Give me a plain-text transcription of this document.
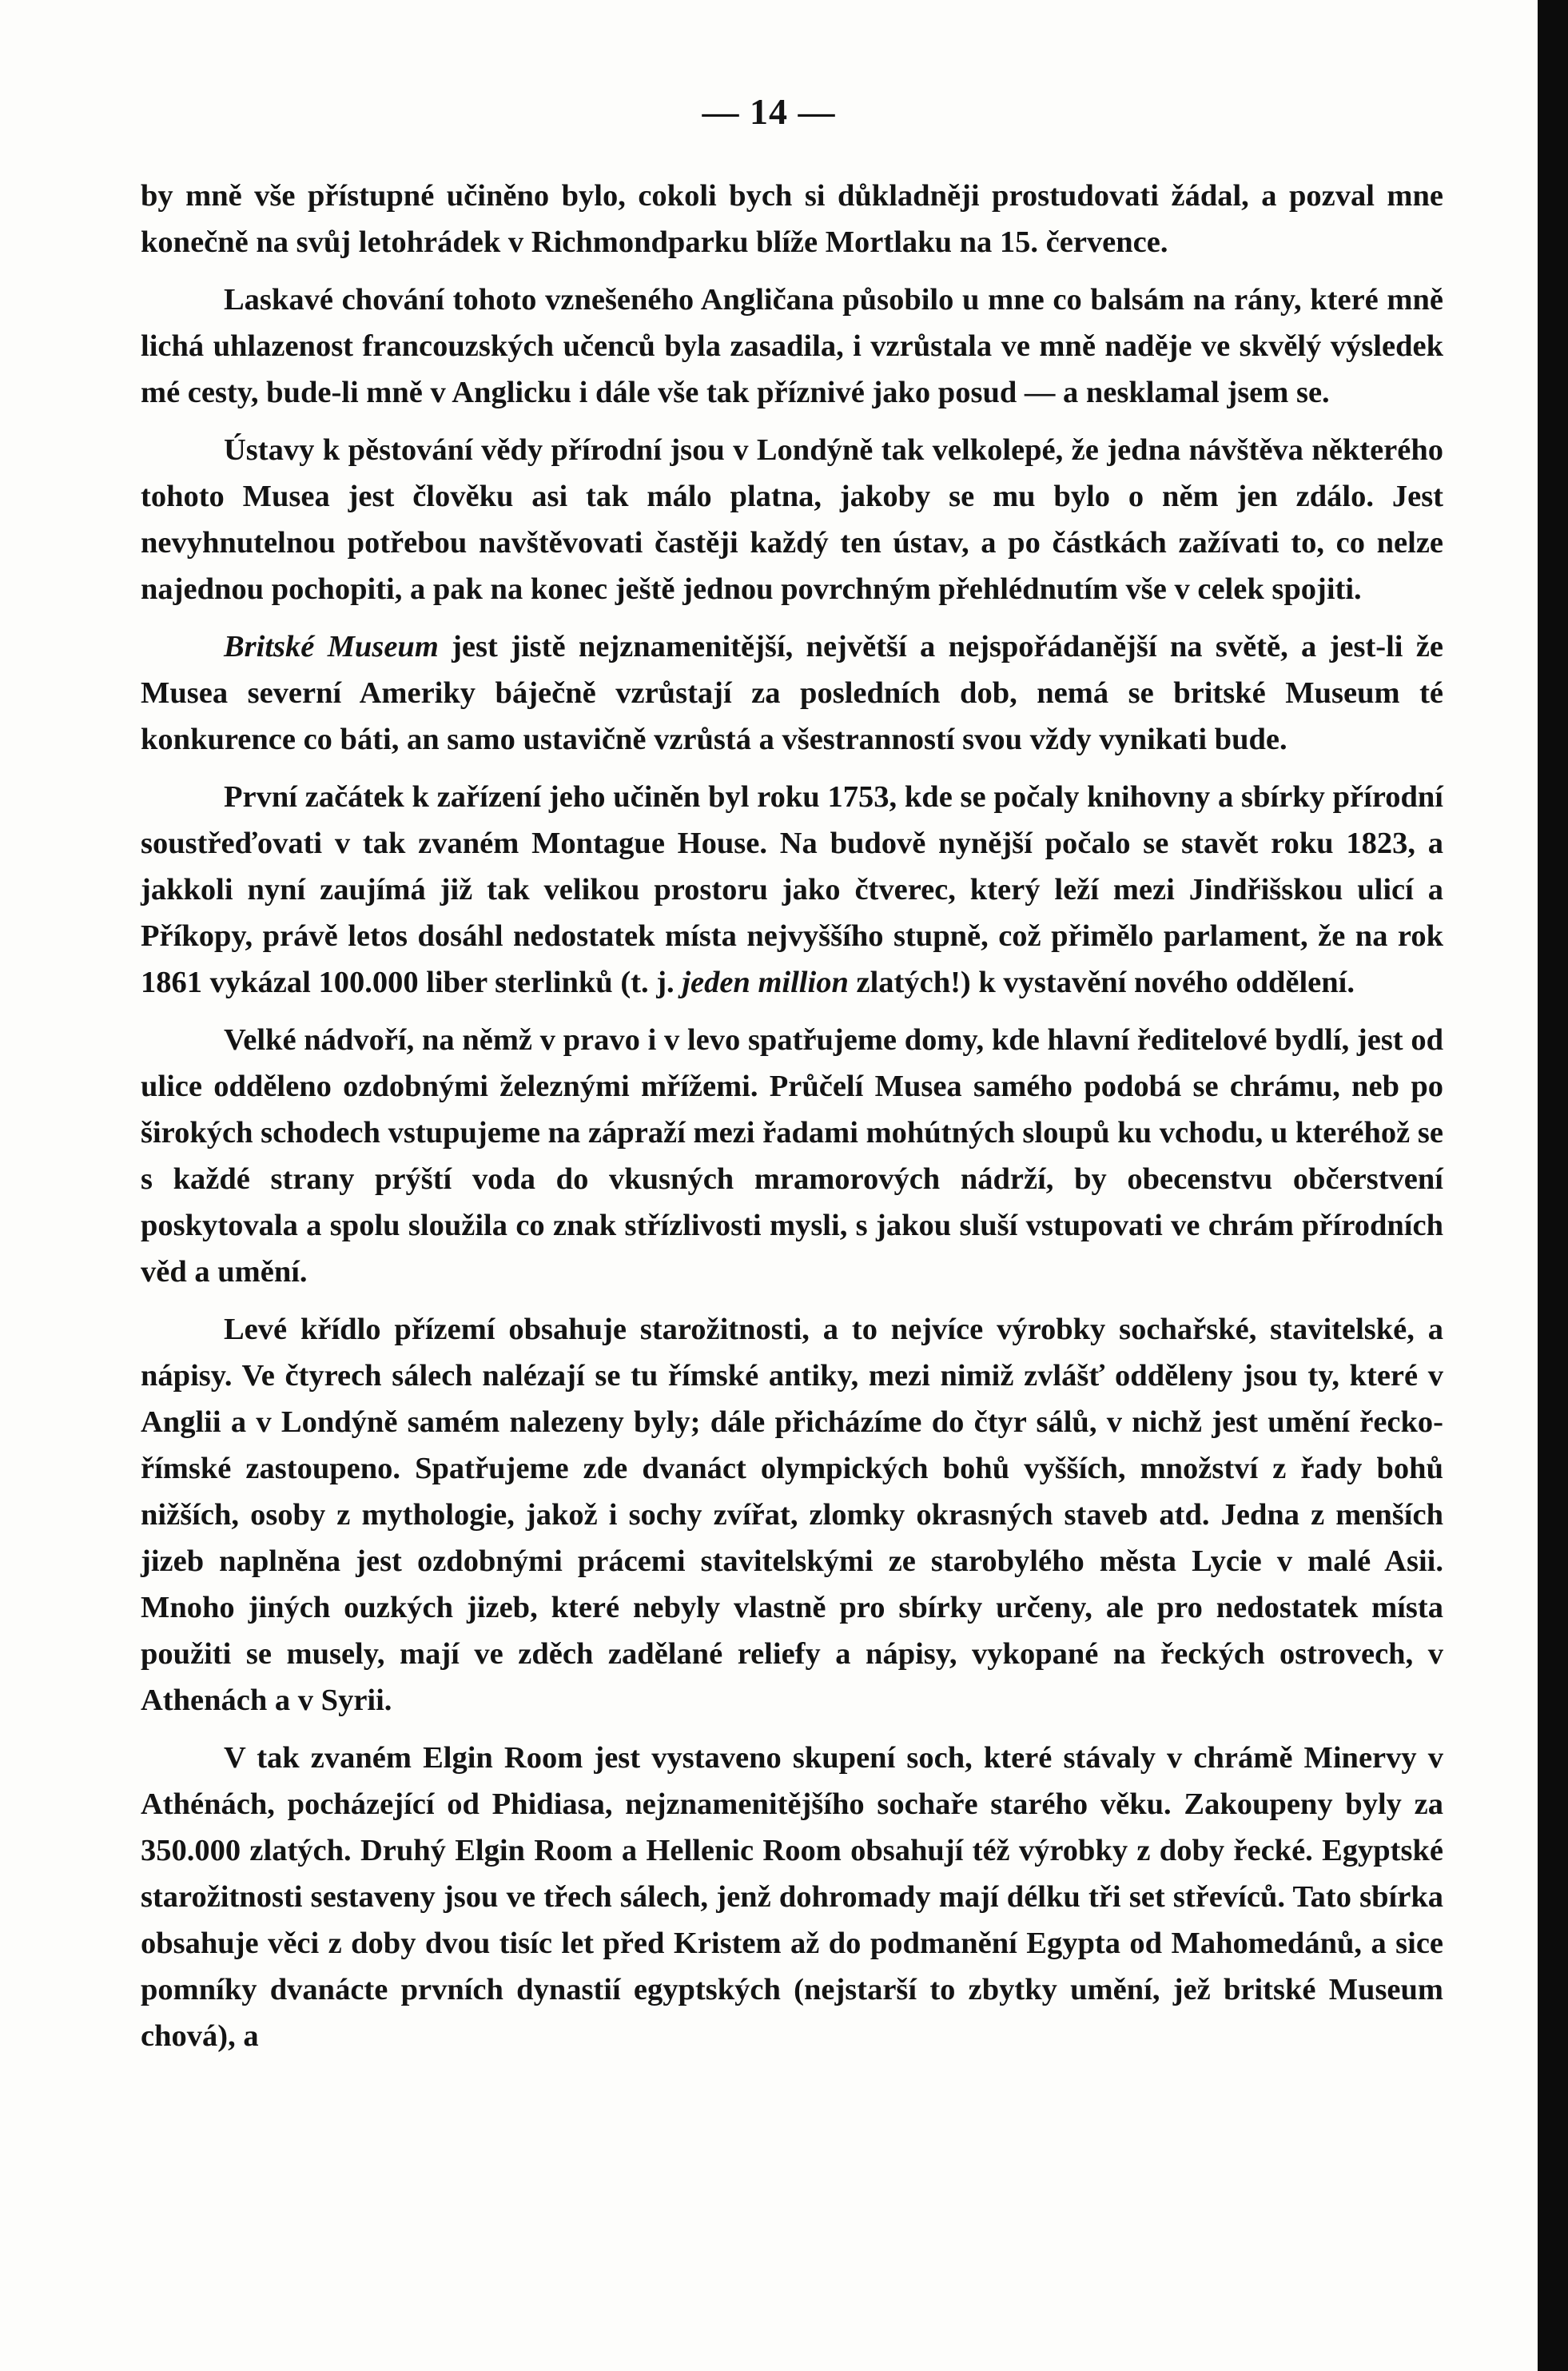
— 14 —

by mně vše přístupné učiněno bylo, cokoli bych si důkladněji prostudovati žádal, a pozval mne konečně na svůj letohrádek v Richmondparku blíže Mortlaku na 15. července.

Laskavé chování tohoto vznešeného Angličana působilo u mne co balsám na rány, které mně lichá uhlazenost francouzských učenců byla zasadila, i vzrůstala ve mně naděje ve skvělý výsledek mé cesty, bude-li mně v Anglicku i dále vše tak příznivé jako posud — a nesklamal jsem se.

Ústavy k pěstování vědy přírodní jsou v Londýně tak velkolepé, že jedna návštěva některého tohoto Musea jest člověku asi tak málo platna, jakoby se mu bylo o něm jen zdálo. Jest nevyhnutelnou potřebou navštěvovati častěji každý ten ústav, a po částkách zažívati to, co nelze najednou pochopiti, a pak na konec ještě jednou povrchným přehlédnutím vše v celek spojiti.

Britské Museum jest jistě nejznamenitější, největší a nejspořádanější na světě, a jest-li že Musea severní Ameriky báječně vzrůstají za posledních dob, nemá se britské Museum té konkurence co báti, an samo ustavičně vzrůstá a všestranností svou vždy vynikati bude.

První začátek k zařízení jeho učiněn byl roku 1753, kde se počaly knihovny a sbírky přírodní soustřeďovati v tak zvaném Montague House. Na budově nynější počalo se stavět roku 1823, a jakkoli nyní zaujímá již tak velikou prostoru jako čtverec, který leží mezi Jindřišskou ulicí a Příkopy, právě letos dosáhl nedostatek místa nejvyššího stupně, což přimělo parlament, že na rok 1861 vykázal 100.000 liber sterlinků (t. j. jeden million zlatých!) k vystavění nového oddělení.

Velké nádvoří, na němž v pravo i v levo spatřujeme domy, kde hlavní ředitelové bydlí, jest od ulice odděleno ozdobnými železnými mřížemi. Průčelí Musea samého podobá se chrámu, neb po širokých schodech vstupujeme na zápraží mezi řadami mohútných sloupů ku vchodu, u kteréhož se s každé strany prýští voda do vkusných mramorových nádrží, by obecenstvu občerstvení poskytovala a spolu sloužila co znak střízlivosti mysli, s jakou sluší vstupovati ve chrám přírodních věd a umění.

Levé křídlo přízemí obsahuje starožitnosti, a to nejvíce výrobky sochařské, stavitelské, a nápisy. Ve čtyrech sálech nalézají se tu římské antiky, mezi nimiž zvlášť odděleny jsou ty, které v Anglii a v Londýně samém nalezeny byly; dále přicházíme do čtyr sálů, v nichž jest umění řecko-římské zastoupeno. Spatřujeme zde dvanáct olympických bohů vyšších, množství z řady bohů nižších, osoby z mythologie, jakož i sochy zvířat, zlomky okrasných staveb atd. Jedna z menších jizeb naplněna jest ozdobnými prácemi stavitelskými ze starobylého města Lycie v malé Asii. Mnoho jiných ouzkých jizeb, které nebyly vlastně pro sbírky určeny, ale pro nedostatek místa použiti se musely, mají ve zděch zadělané reliefy a nápisy, vykopané na řeckých ostrovech, v Athenách a v Syrii.

V tak zvaném Elgin Room jest vystaveno skupení soch, které stávaly v chrámě Minervy v Athénách, pocházející od Phidiasa, nejznamenitějšího sochaře starého věku. Zakoupeny byly za 350.000 zlatých. Druhý Elgin Room a Hellenic Room obsahují též výrobky z doby řecké. Egyptské starožitnosti sestaveny jsou ve třech sálech, jenž dohromady mají délku tři set střevíců. Tato sbírka obsahuje věci z doby dvou tisíc let před Kristem až do podmanění Egypta od Mahomedánů, a sice pomníky dvanácte prvních dynastií egyptských (nejstarší to zbytky umění, jež britské Museum chová), a
